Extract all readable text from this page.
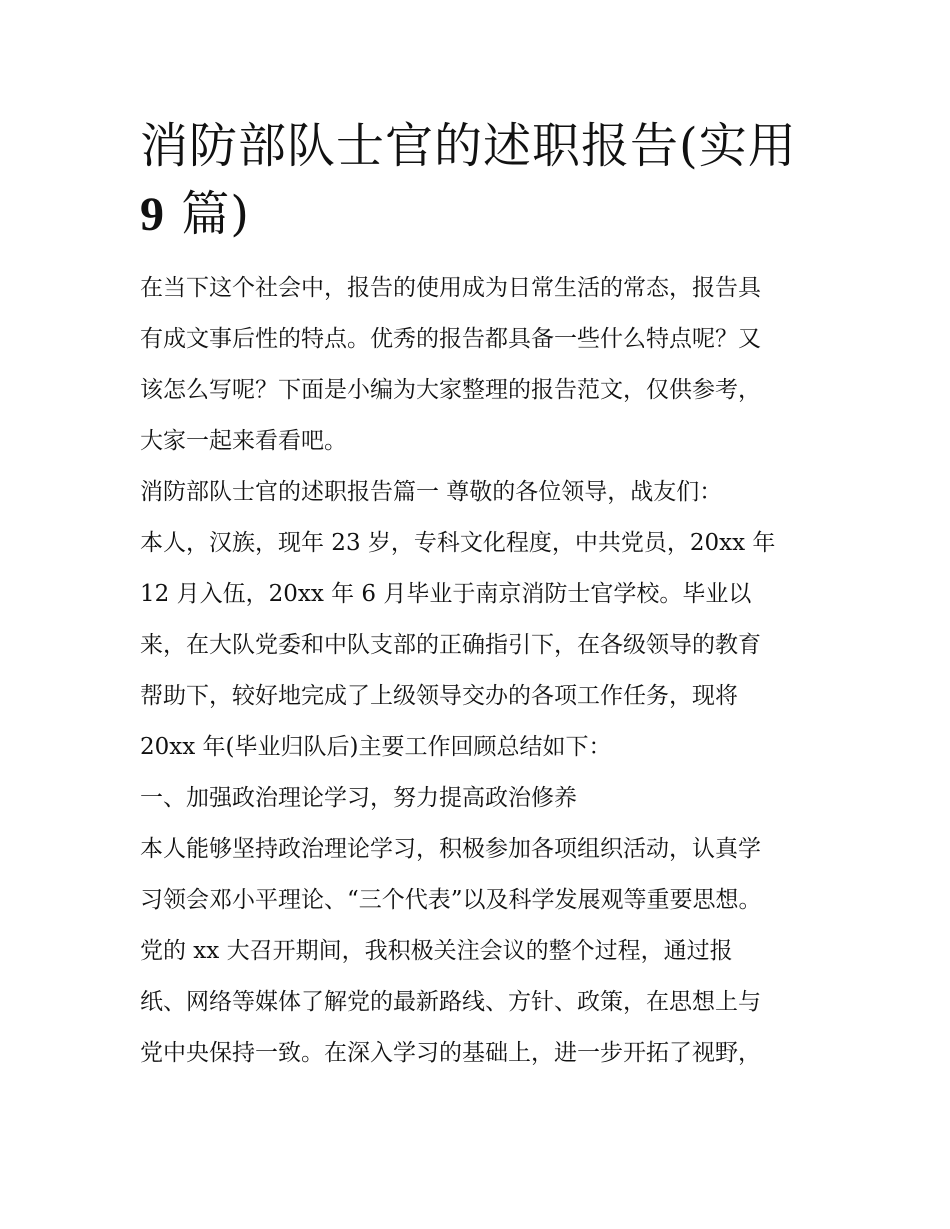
消防部队士官的述职报告(实用
9 篇)

在当下这个社会中，报告的使用成为日常生活的常态，报告具

有成文事后性的特点。优秀的报告都具备一些什么特点呢？又

该怎么写呢？下面是小编为大家整理的报告范文，仅供参考，

大家一起来看看吧。

消防部队士官的述职报告篇一 尊敬的各位领导，战友们：

本人，汉族，现年 23 岁，专科文化程度，中共党员，20xx 年

12 月入伍，20xx 年 6 月毕业于南京消防士官学校。毕业以

来，在大队党委和中队支部的正确指引下，在各级领导的教育

帮助下，较好地完成了上级领导交办的各项工作任务，现将

20xx 年(毕业归队后)主要工作回顾总结如下：

一、加强政治理论学习，努力提高政治修养

本人能够坚持政治理论学习，积极参加各项组织活动，认真学

习领会邓小平理论、“三个代表”以及科学发展观等重要思想。

党的 xx 大召开期间，我积极关注会议的整个过程，通过报

纸、网络等媒体了解党的最新路线、方针、政策，在思想上与

党中央保持一致。在深入学习的基础上，进一步开拓了视野，
